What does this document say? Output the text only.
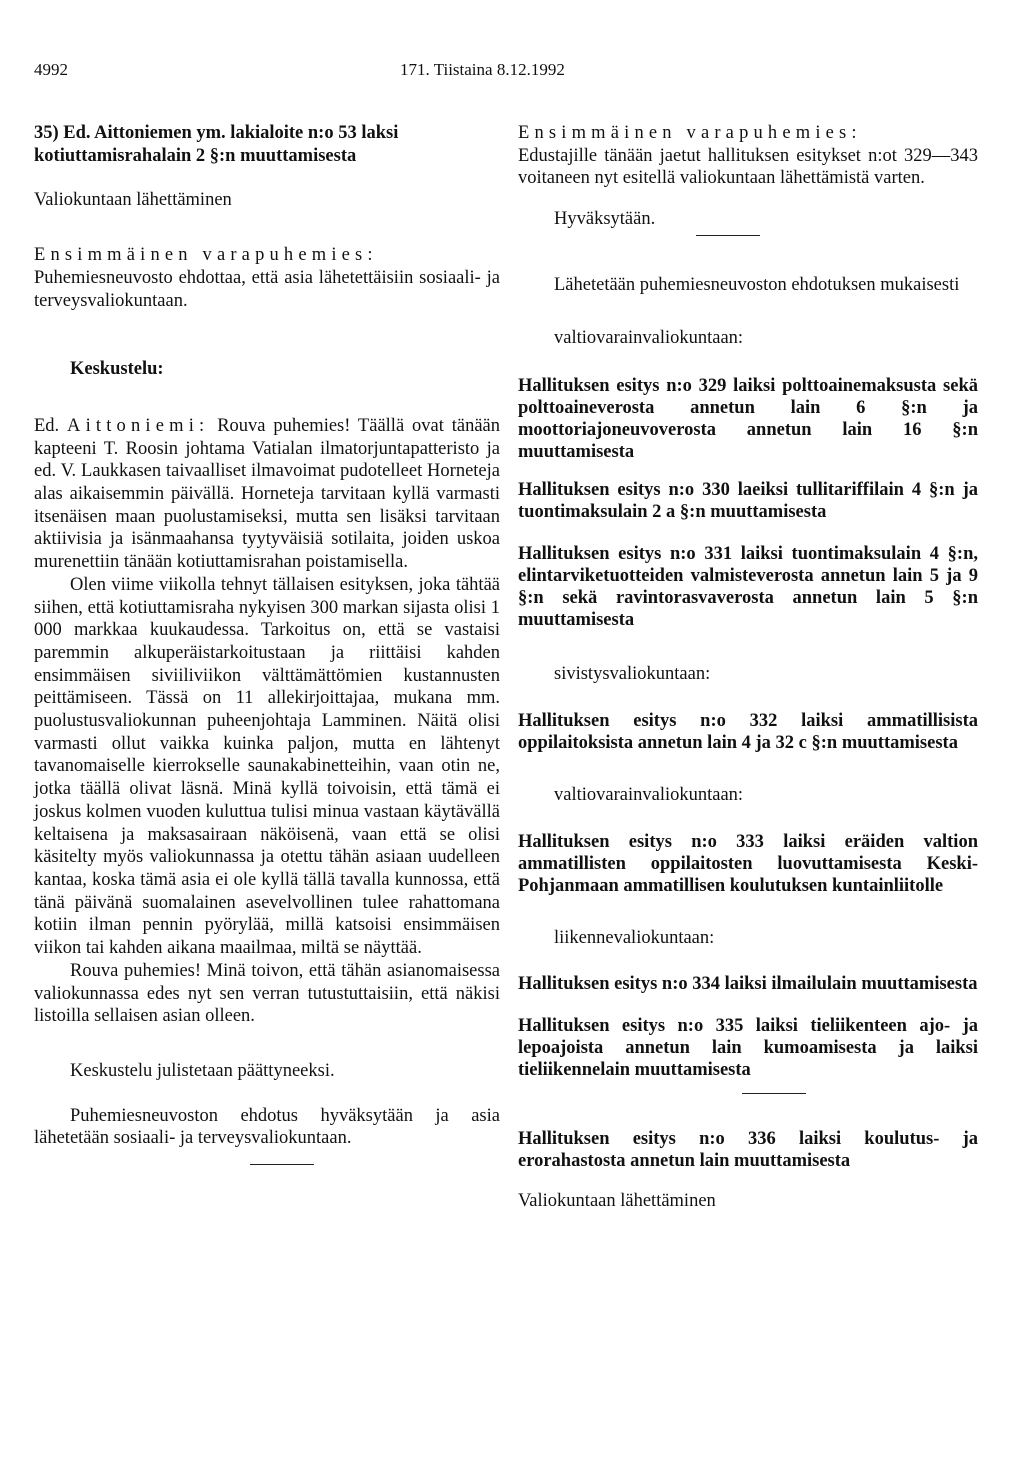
4992	171. Tiistaina 8.12.1992

35) Ed. Aittoniemen ym. lakialoite n:o 53 laksi kotiuttamisrahalain 2 §:n muuttamisesta

Valiokuntaan lähettäminen

Ensimmäinen varapuhemies:

Puhemiesneuvosto ehdottaa, että asia lähetettäisiin sosiaali- ja terveysvaliokuntaan.

Keskustelu:

Ed. Aittoniemi: Rouva puhemies! Täällä ovat tänään kapteeni T. Roosin johtama Vatialan ilmatorjuntapatteristo ja ed. V. Laukkasen taivaalliset ilmavoimat pudotelleet Horneteja alas aikaisemmin päivällä. Horneteja tarvitaan kyllä varmasti itsenäisen maan puolustamiseksi, mutta sen lisäksi tarvitaan aktiivisia ja isänmaahansa tyytyväisiä sotilaita, joiden uskoa murenettiin tänään kotiuttamisrahan poistamisella.

Olen viime viikolla tehnyt tällaisen esityksen, joka tähtää siihen, että kotiuttamisraha nykyisen 300 markan sijasta olisi 1 000 markkaa kuukaudessa. Tarkoitus on, että se vastaisi paremmin alkuperäistarkoitustaan ja riittäisi kahden ensimmäisen siviiliviikon välttämättömien kustannusten peittämiseen. Tässä on 11 allekirjoittajaa, mukana mm. puolustusvaliokunnan puheenjohtaja Lamminen. Näitä olisi varmasti ollut vaikka kuinka paljon, mutta en lähtenyt tavanomaiselle kierrokselle saunakabinetteihin, vaan otin ne, jotka täällä olivat läsnä. Minä kyllä toivoisin, että tämä ei joskus kolmen vuoden kuluttua tulisi minua vastaan käytävällä keltaisena ja maksasairaan näköisenä, vaan että se olisi käsitelty myös valiokunnassa ja otettu tähän asiaan uudelleen kantaa, koska tämä asia ei ole kyllä tällä tavalla kunnossa, että tänä päivänä suomalainen asevelvollinen tulee rahattomana kotiin ilman pennin pyörylää, millä katsoisi ensimmäisen viikon tai kahden aikana maailmaa, miltä se näyttää.

Rouva puhemies! Minä toivon, että tähän asianomaisessa valiokunnassa edes nyt sen verran tutustuttaisiin, että näkisi listoilla sellaisen asian olleen.

Keskustelu julistetaan päättyneeksi.

Puhemiesneuvoston ehdotus hyväksytään ja asia lähetetään sosiaali- ja terveysvaliokuntaan.

Ensimmäinen varapuhemies:

Edustajille tänään jaetut hallituksen esitykset n:ot 329—343 voitaneen nyt esitellä valiokuntaan lähettämistä varten.

Hyväksytään.

Lähetetään puhemiesneuvoston ehdotuksen mukaisesti

valtiovarainvaliokuntaan:

Hallituksen esitys n:o 329 laiksi polttoainemaksusta sekä polttoaineverosta annetun lain 6 §:n ja moottoriajoneuvoverosta annetun lain 16 §:n muuttamisesta

Hallituksen esitys n:o 330 laeiksi tullitariffilain 4 §:n ja tuontimaksulain 2 a §:n muuttamisesta

Hallituksen esitys n:o 331 laiksi tuontimaksulain 4 §:n, elintarviketuotteiden valmisteverosta annetun lain 5 ja 9 §:n sekä ravintorasvaverosta annetun lain 5 §:n muuttamisesta

sivistysvaliokuntaan:

Hallituksen esitys n:o 332 laiksi ammatillisista oppilaitoksista annetun lain 4 ja 32 c §:n muuttamisesta

valtiovarainvaliokuntaan:

Hallituksen esitys n:o 333 laiksi eräiden valtion ammatillisten oppilaitosten luovuttamisesta Keski-Pohjanmaan ammatillisen koulutuksen kuntainliitolle

liikennevaliokuntaan:

Hallituksen esitys n:o 334 laiksi ilmailulain muuttamisesta

Hallituksen esitys n:o 335 laiksi tieliikenteen ajo- ja lepoajoista annetun lain kumoamisesta ja laiksi tieliikennelain muuttamisesta

Hallituksen esitys n:o 336 laiksi koulutus- ja erorahastosta annetun lain muuttamisesta

Valiokuntaan lähettäminen
